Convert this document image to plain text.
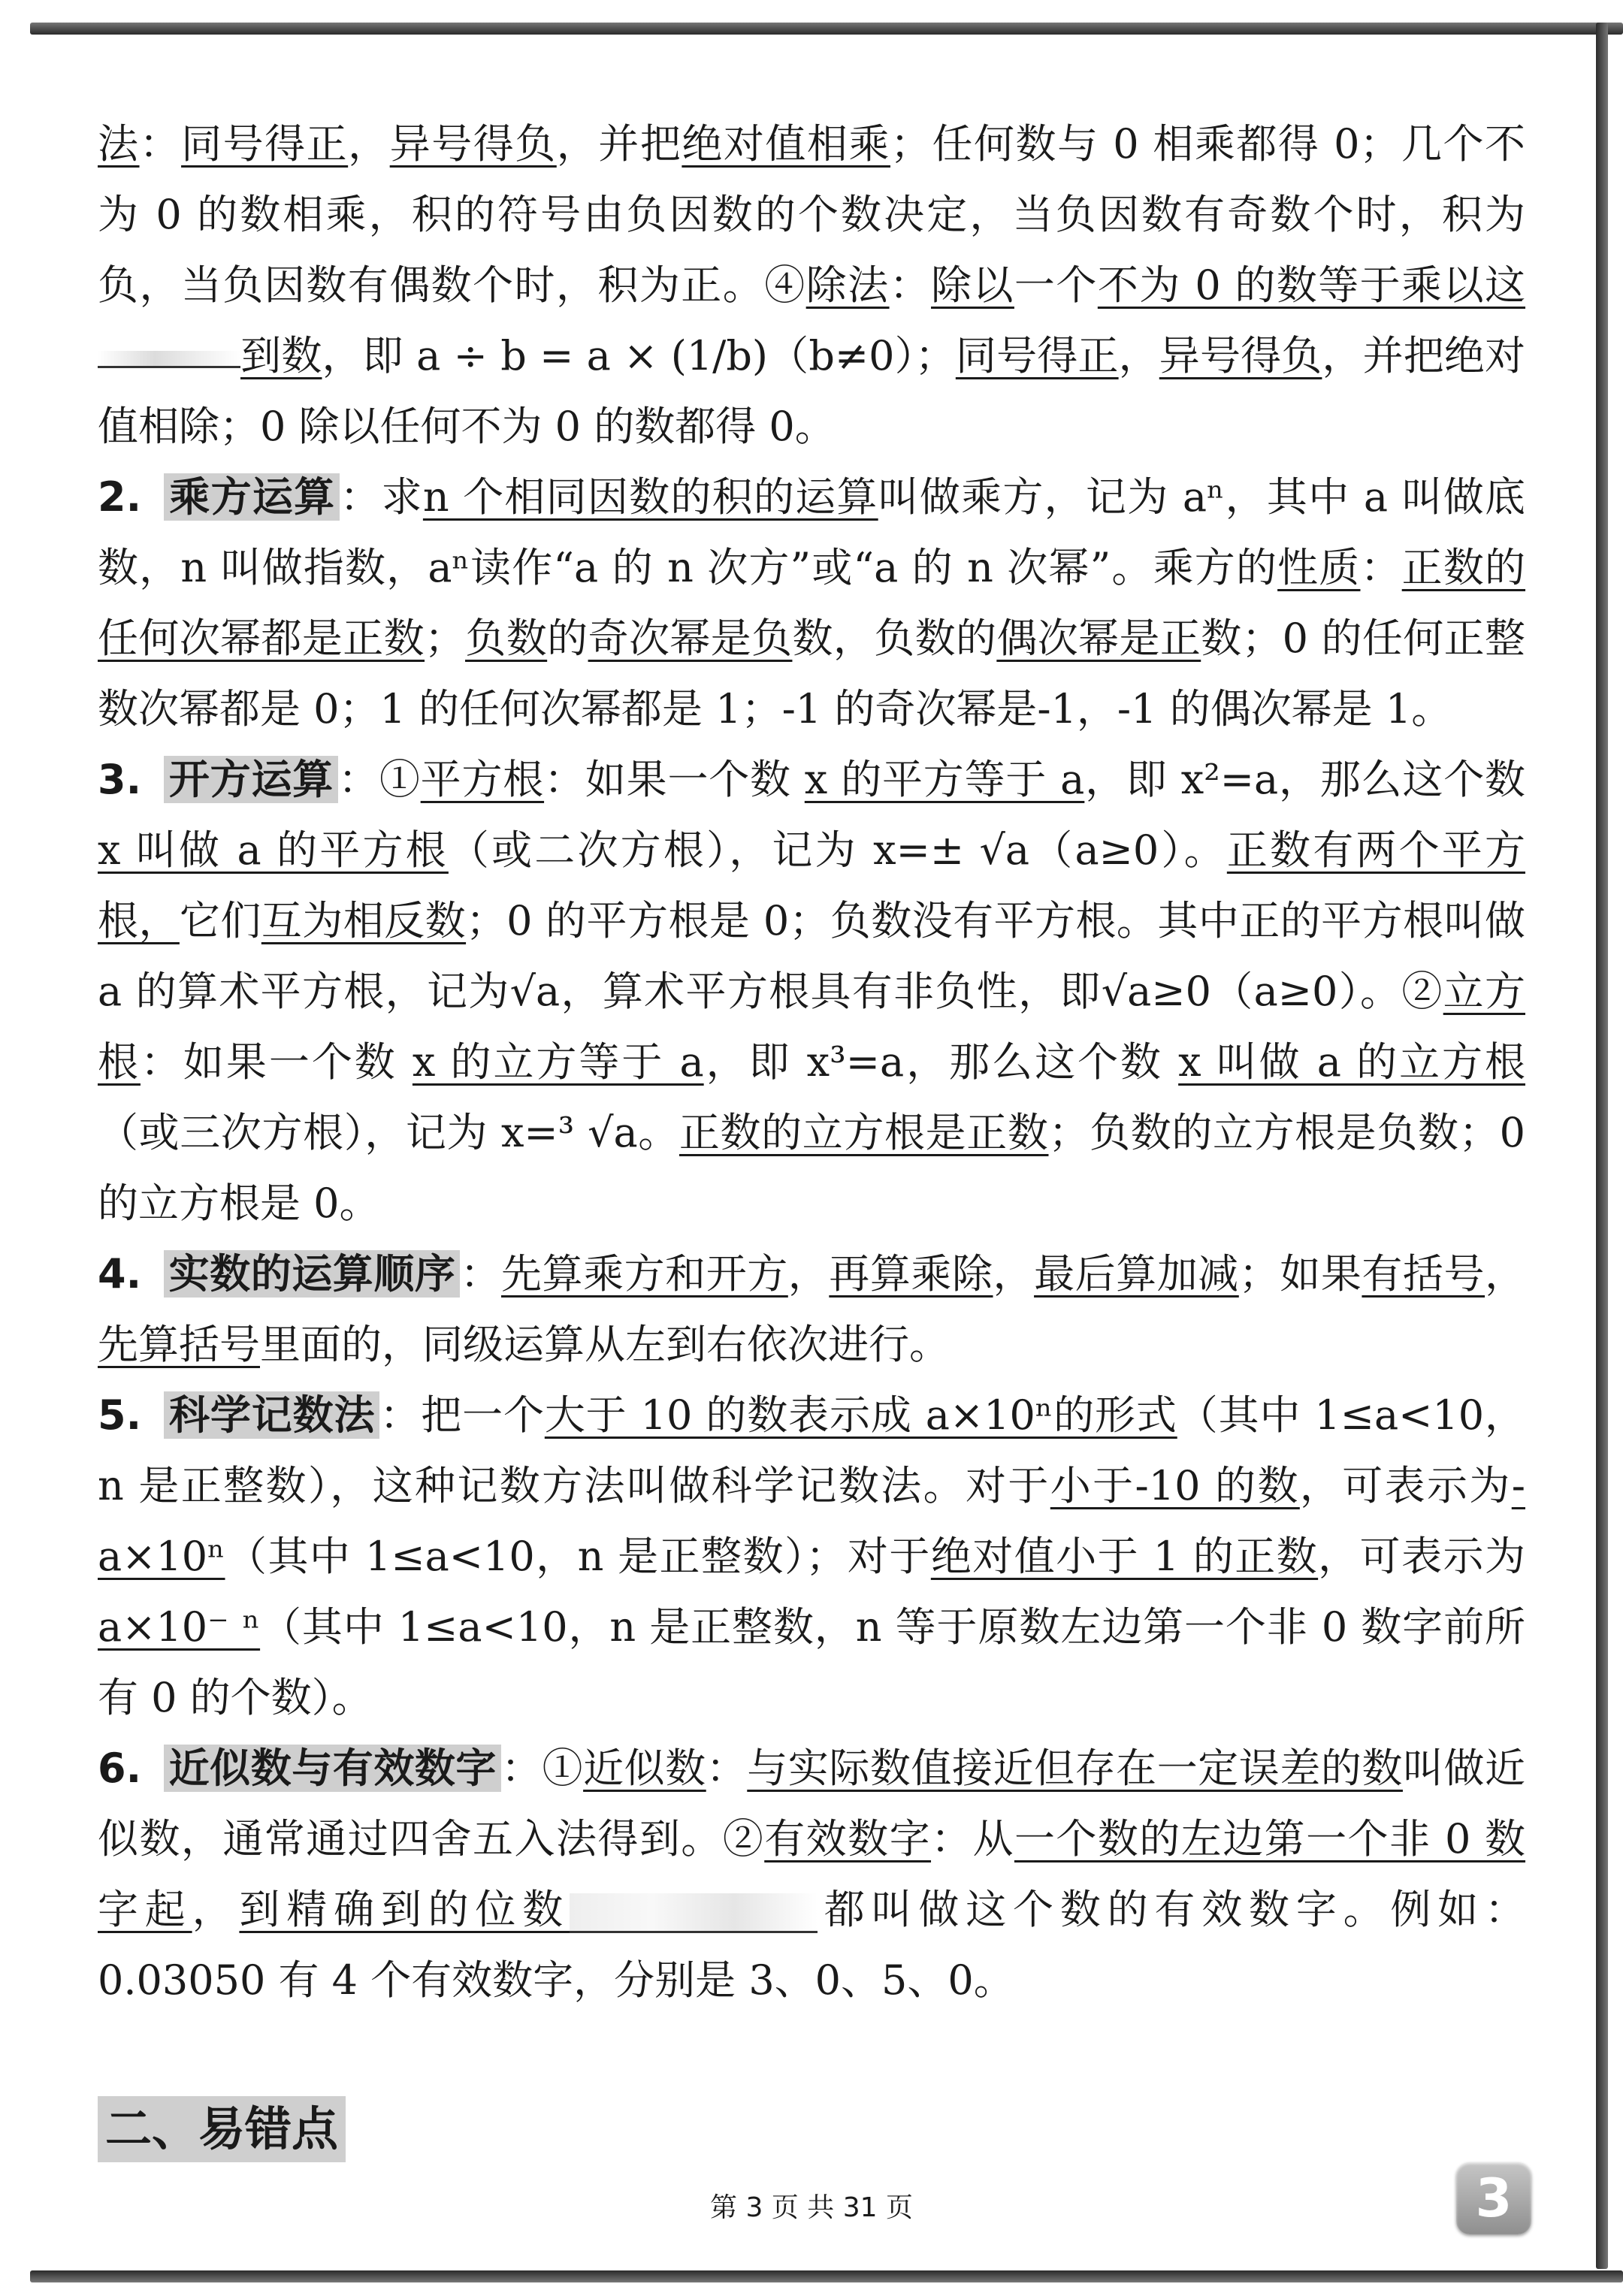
法：同号得正，异号得负，并把绝对值相乘；任何数与 0 相乘都得 0；几个不为 0 的数相乘，积的符号由负因数的个数决定，当负因数有奇数个时，积为负，当负因数有偶数个时，积为正。④除法：除以一个不为 0 的数等于乘以这到数，即 a ÷ b = a × (1/b)（b≠0）；同号得正，异号得负，并把绝对值相除；0 除以任何不为 0 的数都得 0。

2. 乘方运算 ：求n 个相同因数的积的运算叫做乘方，记为 aⁿ，其中 a 叫做底数，n 叫做指数，aⁿ读作“a 的 n 次方”或“a 的 n 次幂”。乘方的性质：正数的任何次幂都是正数；负数的奇次幂是负数，负数的偶次幂是正数；0 的任何正整数次幂都是 0；1 的任何次幂都是 1；-1 的奇次幂是-1，-1 的偶次幂是 1。

3. 开方运算 ：①平方根：如果一个数 x 的平方等于 a，即 x²=a，那么这个数 x 叫做 a 的平方根（或二次方根），记为 x=± √a（a≥0）。正数有两个平方根，它们互为相反数；0 的平方根是 0；负数没有平方根。其中正的平方根叫做 a 的算术平方根，记为√a，算术平方根具有非负性，即√a≥0（a≥0）。②立方根：如果一个数 x 的立方等于 a，即 x³=a，那么这个数 x 叫做 a 的立方根（或三次方根），记为 x=³ √a。正数的立方根是正数；负数的立方根是负数；0 的立方根是 0。

4. 实数的运算顺序 ：先算乘方和开方，再算乘除，最后算加减；如果有括号，先算括号里面的，同级运算从左到右依次进行。

5. 科学记数法 ：把一个大于 10 的数表示成 a×10ⁿ的形式（其中 1≤a<10，n 是正整数），这种记数方法叫做科学记数法。对于小于-10 的数，可表示为-a×10ⁿ（其中 1≤a<10，n 是正整数）；对于绝对值小于 1 的正数，可表示为 a×10⁻ ⁿ（其中 1≤a<10，n 是正整数，n 等于原数左边第一个非 0 数字前所有 0 的个数）。

6. 近似数与有效数字 ：①近似数：与实际数值接近但存在一定误差的数叫做近似数，通常通过四舍五入法得到。②有效数字：从一个数的左边第一个非 0 数字起，到精确到的位数	都叫做这个数的有效数字。例如：0.03050 有 4 个有效数字，分别是 3、0、5、0。

二、易错点
第 3 页 共 31 页	3
